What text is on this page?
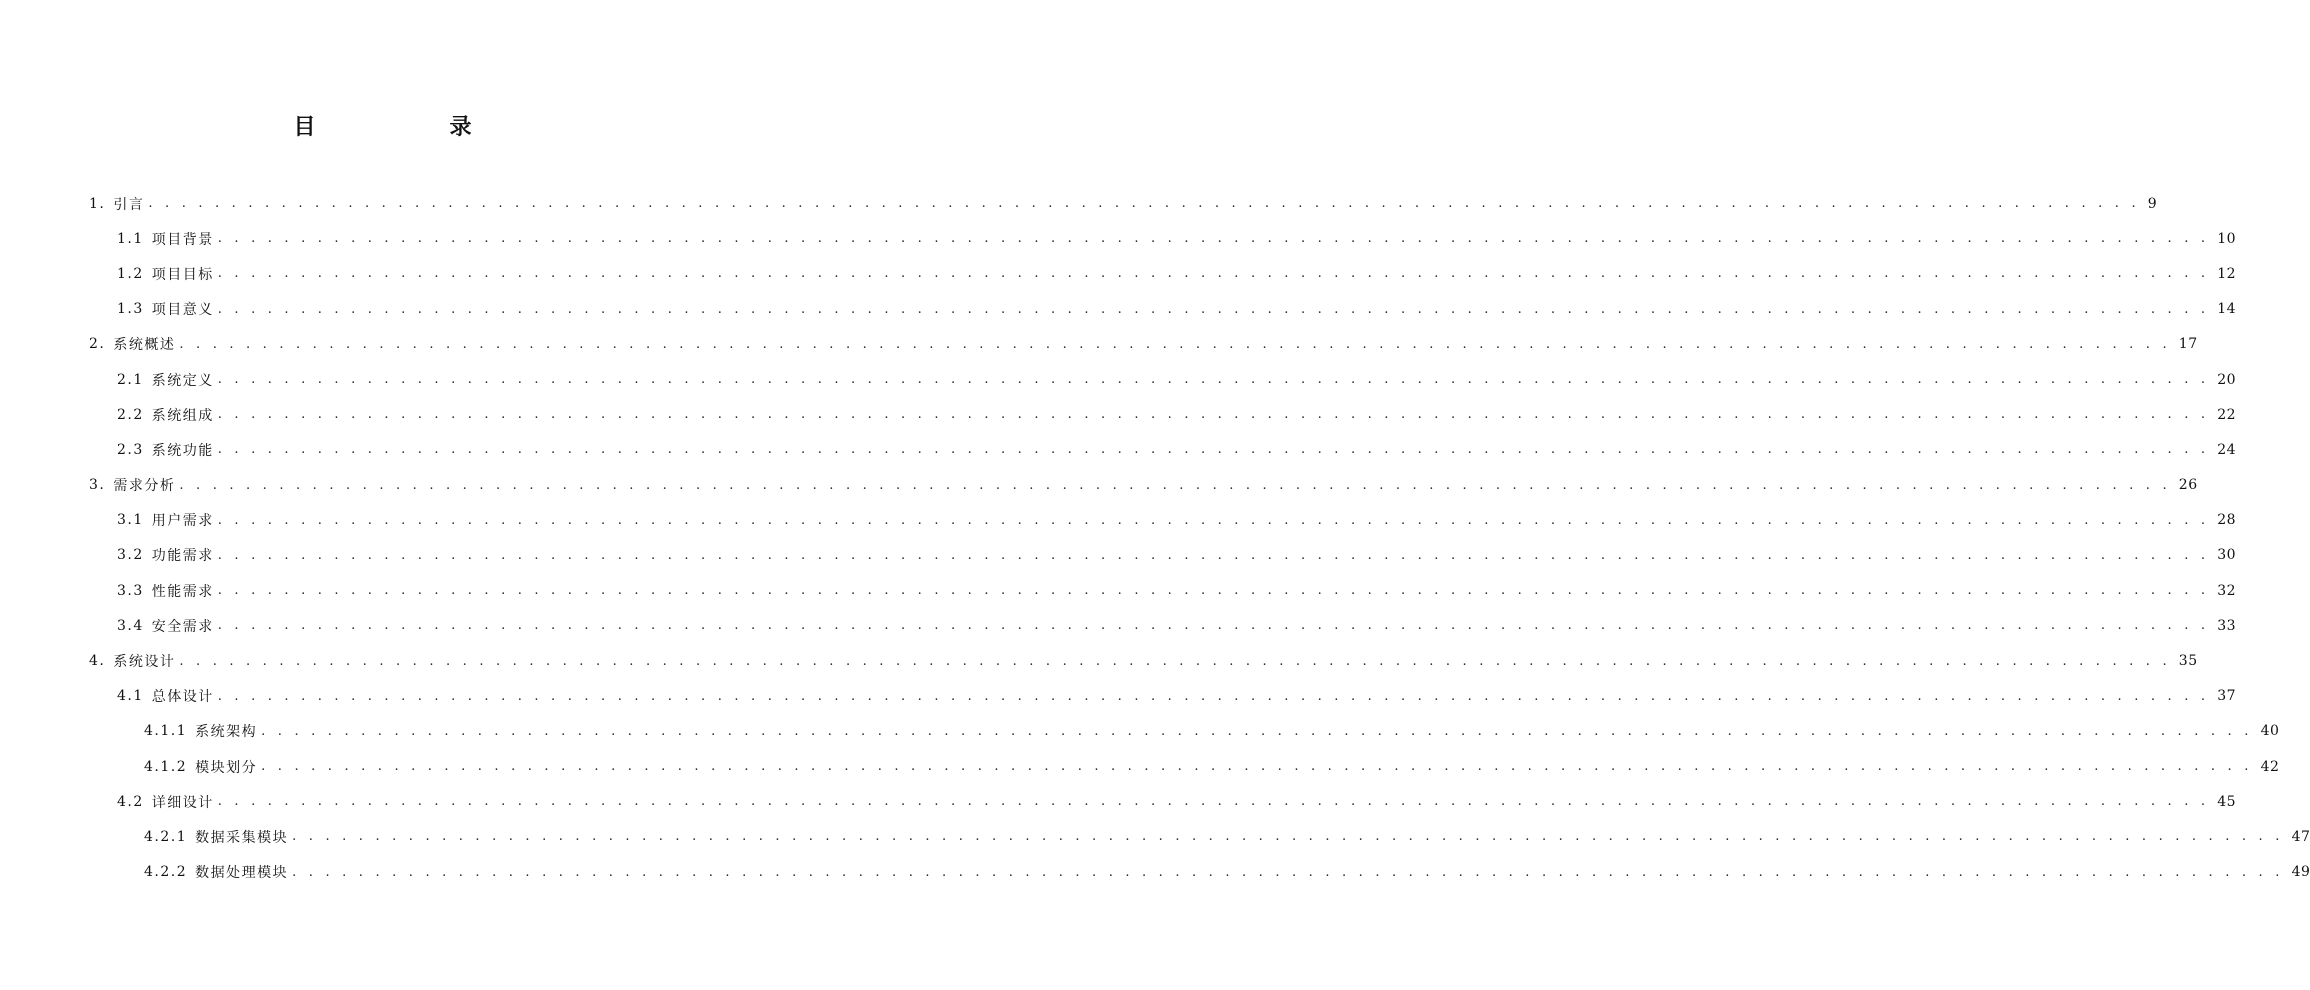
目　　录
1. 引言 . . . . . . . . . . . . . . . . . . . . . . . . . . . . . . . . . . . . . . . . . . . . . . . . . . . . . . . . . . . . . . . . . . . . . . . . . . . . . . . . . . . . . . . . . . . . . . . . . . . . . . . . . . . . . . . . . . . . . . . . 9
1.1 项目背景 . . . . . . . . . . . . . . . . . . . . . . . . . . . . . . . . . . . . . . . . . . . . . . . . . . . . . . . . . . . . . . . . . . . . . . . . . . . . . . . . . . . . . . . . . . . . . . . . . . . . . . . . . . . . . . . . . . . . . . . . 10
1.2 项目目标 . . . . . . . . . . . . . . . . . . . . . . . . . . . . . . . . . . . . . . . . . . . . . . . . . . . . . . . . . . . . . . . . . . . . . . . . . . . . . . . . . . . . . . . . . . . . . . . . . . . . . . . . . . . . . . . . . . . . . . . . 12
1.3 项目意义 . . . . . . . . . . . . . . . . . . . . . . . . . . . . . . . . . . . . . . . . . . . . . . . . . . . . . . . . . . . . . . . . . . . . . . . . . . . . . . . . . . . . . . . . . . . . . . . . . . . . . . . . . . . . . . . . . . . . . . . . 14
2. 系统概述 . . . . . . . . . . . . . . . . . . . . . . . . . . . . . . . . . . . . . . . . . . . . . . . . . . . . . . . . . . . . . . . . . . . . . . . . . . . . . . . . . . . . . . . . . . . . . . . . . . . . . . . . . . . . . . . . . . . . . . . . 17
2.1 系统定义 . . . . . . . . . . . . . . . . . . . . . . . . . . . . . . . . . . . . . . . . . . . . . . . . . . . . . . . . . . . . . . . . . . . . . . . . . . . . . . . . . . . . . . . . . . . . . . . . . . . . . . . . . . . . . . . . . . . . . . . . 20
2.2 系统组成 . . . . . . . . . . . . . . . . . . . . . . . . . . . . . . . . . . . . . . . . . . . . . . . . . . . . . . . . . . . . . . . . . . . . . . . . . . . . . . . . . . . . . . . . . . . . . . . . . . . . . . . . . . . . . . . . . . . . . . . . 22
2.3 系统功能 . . . . . . . . . . . . . . . . . . . . . . . . . . . . . . . . . . . . . . . . . . . . . . . . . . . . . . . . . . . . . . . . . . . . . . . . . . . . . . . . . . . . . . . . . . . . . . . . . . . . . . . . . . . . . . . . . . . . . . . . 24
3. 需求分析 . . . . . . . . . . . . . . . . . . . . . . . . . . . . . . . . . . . . . . . . . . . . . . . . . . . . . . . . . . . . . . . . . . . . . . . . . . . . . . . . . . . . . . . . . . . . . . . . . . . . . . . . . . . . . . . . . . . . . . . . 26
3.1 用户需求 . . . . . . . . . . . . . . . . . . . . . . . . . . . . . . . . . . . . . . . . . . . . . . . . . . . . . . . . . . . . . . . . . . . . . . . . . . . . . . . . . . . . . . . . . . . . . . . . . . . . . . . . . . . . . . . . . . . . . . . . 28
3.2 功能需求 . . . . . . . . . . . . . . . . . . . . . . . . . . . . . . . . . . . . . . . . . . . . . . . . . . . . . . . . . . . . . . . . . . . . . . . . . . . . . . . . . . . . . . . . . . . . . . . . . . . . . . . . . . . . . . . . . . . . . . . . 30
3.3 性能需求 . . . . . . . . . . . . . . . . . . . . . . . . . . . . . . . . . . . . . . . . . . . . . . . . . . . . . . . . . . . . . . . . . . . . . . . . . . . . . . . . . . . . . . . . . . . . . . . . . . . . . . . . . . . . . . . . . . . . . . . . 32
3.4 安全需求 . . . . . . . . . . . . . . . . . . . . . . . . . . . . . . . . . . . . . . . . . . . . . . . . . . . . . . . . . . . . . . . . . . . . . . . . . . . . . . . . . . . . . . . . . . . . . . . . . . . . . . . . . . . . . . . . . . . . . . . . 33
4. 系统设计 . . . . . . . . . . . . . . . . . . . . . . . . . . . . . . . . . . . . . . . . . . . . . . . . . . . . . . . . . . . . . . . . . . . . . . . . . . . . . . . . . . . . . . . . . . . . . . . . . . . . . . . . . . . . . . . . . . . . . . . . 35
4.1 总体设计 . . . . . . . . . . . . . . . . . . . . . . . . . . . . . . . . . . . . . . . . . . . . . . . . . . . . . . . . . . . . . . . . . . . . . . . . . . . . . . . . . . . . . . . . . . . . . . . . . . . . . . . . . . . . . . . . . . . . . . . . 37
4.1.1 系统架构 . . . . . . . . . . . . . . . . . . . . . . . . . . . . . . . . . . . . . . . . . . . . . . . . . . . . . . . . . . . . . . . . . . . . . . . . . . . . . . . . . . . . . . . . . . . . . . . . . . . . . . . . . . . . . . . . . . . . . . . . 40
4.1.2 模块划分 . . . . . . . . . . . . . . . . . . . . . . . . . . . . . . . . . . . . . . . . . . . . . . . . . . . . . . . . . . . . . . . . . . . . . . . . . . . . . . . . . . . . . . . . . . . . . . . . . . . . . . . . . . . . . . . . . . . . . . . . 42
4.2 详细设计 . . . . . . . . . . . . . . . . . . . . . . . . . . . . . . . . . . . . . . . . . . . . . . . . . . . . . . . . . . . . . . . . . . . . . . . . . . . . . . . . . . . . . . . . . . . . . . . . . . . . . . . . . . . . . . . . . . . . . . . . 45
4.2.1 数据采集模块 . . . . . . . . . . . . . . . . . . . . . . . . . . . . . . . . . . . . . . . . . . . . . . . . . . . . . . . . . . . . . . . . . . . . . . . . . . . . . . . . . . . . . . . . . . . . . . . . . . . . . . . . . . . . . . . . . . . . . . . . 47
4.2.2 数据处理模块 . . . . . . . . . . . . . . . . . . . . . . . . . . . . . . . . . . . . . . . . . . . . . . . . . . . . . . . . . . . . . . . . . . . . . . . . . . . . . . . . . . . . . . . . . . . . . . . . . . . . . . . . . . . . . . . . . . . . . . . . 49
